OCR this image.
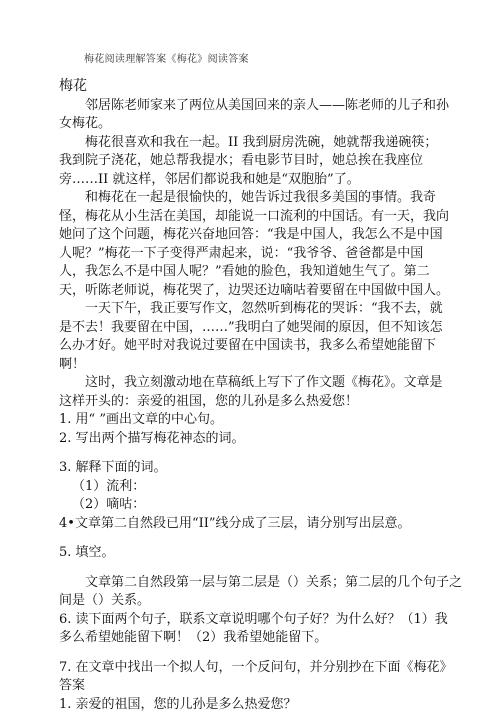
梅花阅读理解答案《梅花》阅读答案
梅花

邻居陈老师家来了两位从美国回来的亲人——陈老师的儿子和孙女梅花。

梅花很喜欢和我在一起。II 我到厨房洗碗，她就帮我递碗筷；我到院子浇花，她总帮我提水；看电影节目时，她总挨在我座位旁……II 就这样，邻居们都说我和她是“双胞胎”了。

和梅花在一起是很愉快的，她告诉过我很多美国的事情。我奇怪，梅花从小生活在美国，却能说一口流利的中国话。有一天，我向她问了这个问题，梅花兴奋地回答：“我是中国人，我怎么不是中国人呢？”梅花一下子变得严肃起来，说：“我爷爷、爸爸都是中国人，我怎么不是中国人呢？”看她的脸色，我知道她生气了。第二天，听陈老师说，梅花哭了，边哭还边嘀咕着要留在中国做中国人。

一天下午，我正要写作文，忽然听到梅花的哭诉：“我不去，就是不去！我要留在中国，……”我明白了她哭闹的原因，但不知该怎么办才好。她平时对我说过要留在中国读书，我多么希望她能留下啊！

这时，我立刻激动地在草稿纸上写下了作文题《梅花》。文章是这样开头的：亲爱的祖国，您的儿孙是多么热爱您！

1. 用“ ”画出文章的中心句。
2. 写出两个描写梅花神态的词。
3. 解释下面的词。
（1）流利：
（2）嘀咕：
4•文章第二自然段已用“II”线分成了三层，请分别写出层意。
5. 填空。
文章第二自然段第一层与第二层是（）关系；第二层的几个句子之
间是（）关系。
6. 读下面两个句子，联系文章说明哪个句子好？为什么好？（1）我
多么希望她能留下啊！（2）我希望她能留下。
7. 在文章中找出一个拟人句，一个反问句，并分别抄在下面《梅花》
答案
1. 亲爱的祖国，您的儿孙是多么热爱您？
